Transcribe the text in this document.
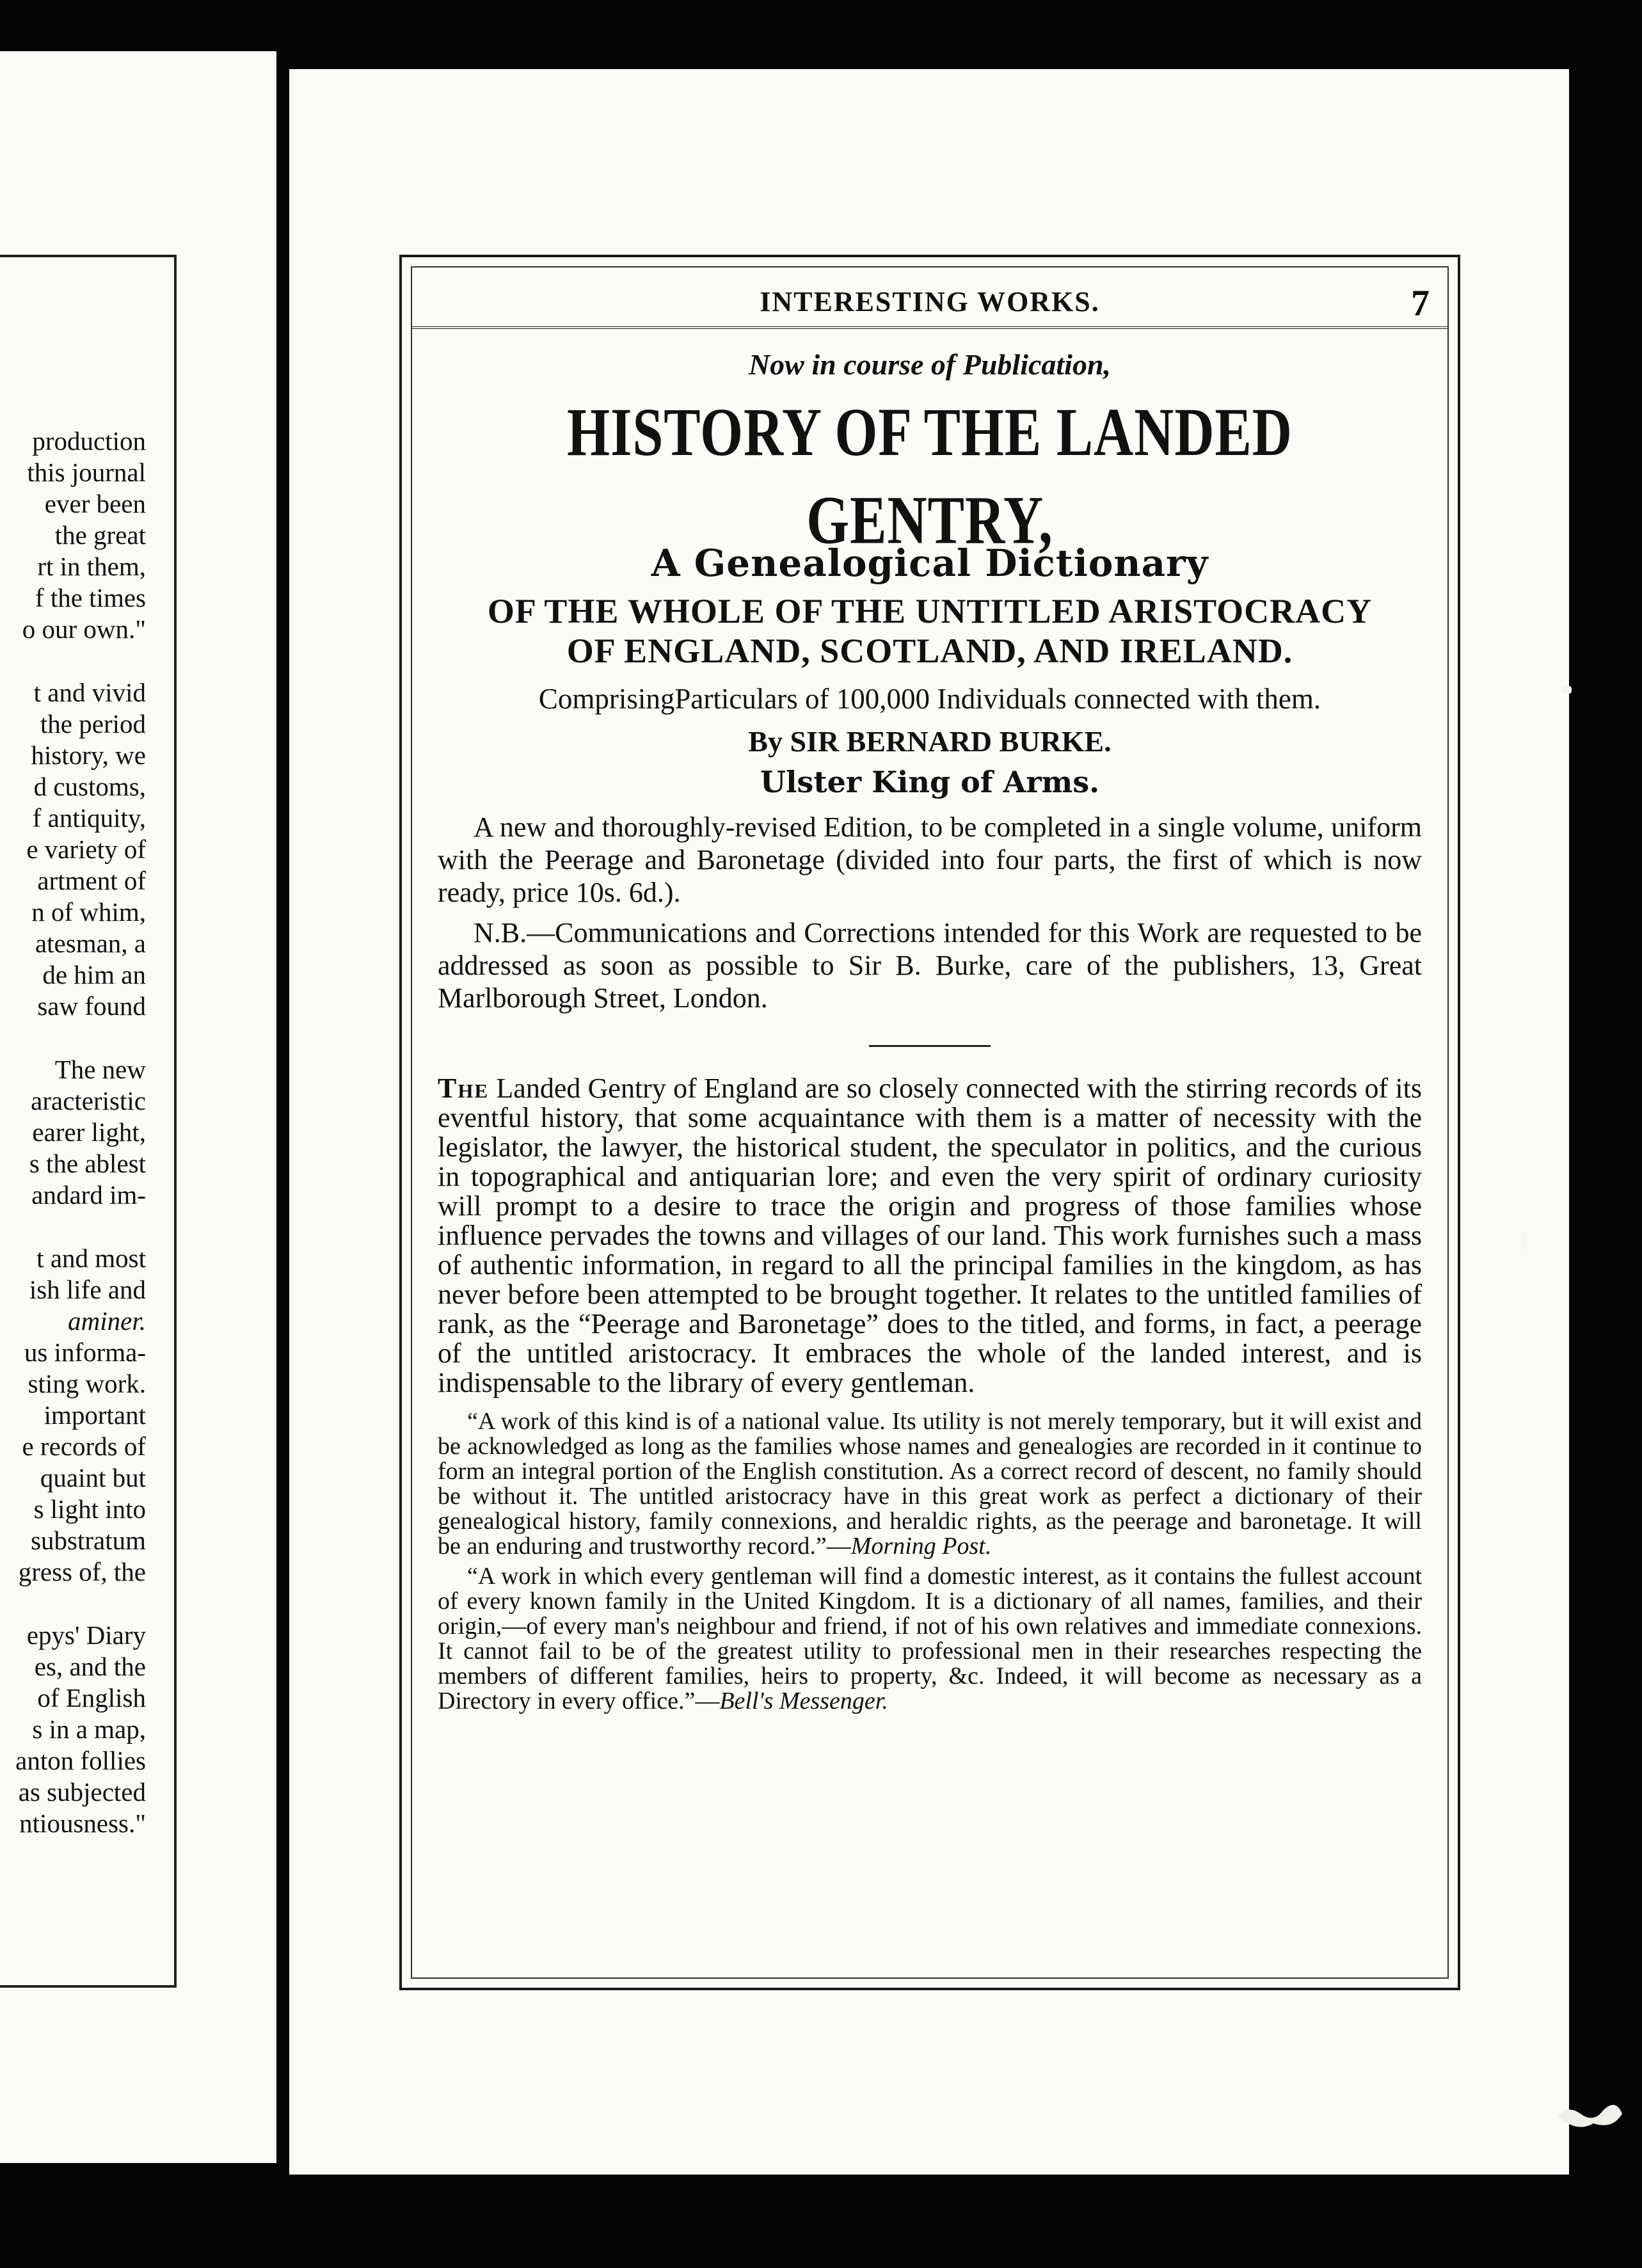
production
this journal
ever been
the great
rt in them,
f the times
o our own."
t and vivid
the period
history, we
d customs,
f antiquity,
e variety of
artment of
n of whim,
atesman, a
de him an
saw found
The new
aracteristic
earer light,
s the ablest
andard im-
t and most
ish life and
aminer.
us informa-
sting work.
important
e records of
quaint but
s light into
substratum
gress of, the
epys' Diary
es, and the
of English
s in a map,
anton follies
as subjected
ntiousness."
INTERESTING WORKS.	7

Now in course of Publication,

HISTORY OF THE LANDED GENTRY,

A Genealogical Dictionary

OF THE WHOLE OF THE UNTITLED ARISTOCRACY

OF ENGLAND, SCOTLAND, AND IRELAND.

ComprisingParticulars of 100,000 Individuals connected with them.

By SIR BERNARD BURKE.

Ulster King of Arms.

A new and thoroughly-revised Edition, to be completed in a single volume, uniform with the Peerage and Baronetage (divided into four parts, the first of which is now ready, price 10s. 6d.).

N.B.—Communications and Corrections intended for this Work are requested to be addressed as soon as possible to Sir B. Burke, care of the publishers, 13, Great Marlborough Street, London.

The Landed Gentry of England are so closely connected with the stirring records of its eventful history, that some acquaintance with them is a matter of necessity with the legislator, the lawyer, the historical student, the speculator in politics, and the curious in topographical and antiquarian lore; and even the very spirit of ordinary curiosity will prompt to a desire to trace the origin and progress of those families whose influence pervades the towns and villages of our land. This work furnishes such a mass of authentic information, in regard to all the principal families in the kingdom, as has never before been attempted to be brought together. It relates to the untitled families of rank, as the “Peerage and Baronetage” does to the titled, and forms, in fact, a peerage of the untitled aristocracy. It embraces the whole of the landed interest, and is indispensable to the library of every gentleman.

“A work of this kind is of a national value. Its utility is not merely temporary, but it will exist and be acknowledged as long as the families whose names and genealogies are recorded in it continue to form an integral portion of the English constitution. As a correct record of descent, no family should be without it. The untitled aristocracy have in this great work as perfect a dictionary of their genealogical history, family connexions, and heraldic rights, as the peerage and baronetage. It will be an enduring and trustworthy record.”—Morning Post.

“A work in which every gentleman will find a domestic interest, as it contains the fullest account of every known family in the United Kingdom. It is a dictionary of all names, families, and their origin,—of every man's neighbour and friend, if not of his own relatives and immediate connexions. It cannot fail to be of the greatest utility to professional men in their researches respecting the members of different families, heirs to property, &c. Indeed, it will become as necessary as a Directory in every office.”—Bell's Messenger.
